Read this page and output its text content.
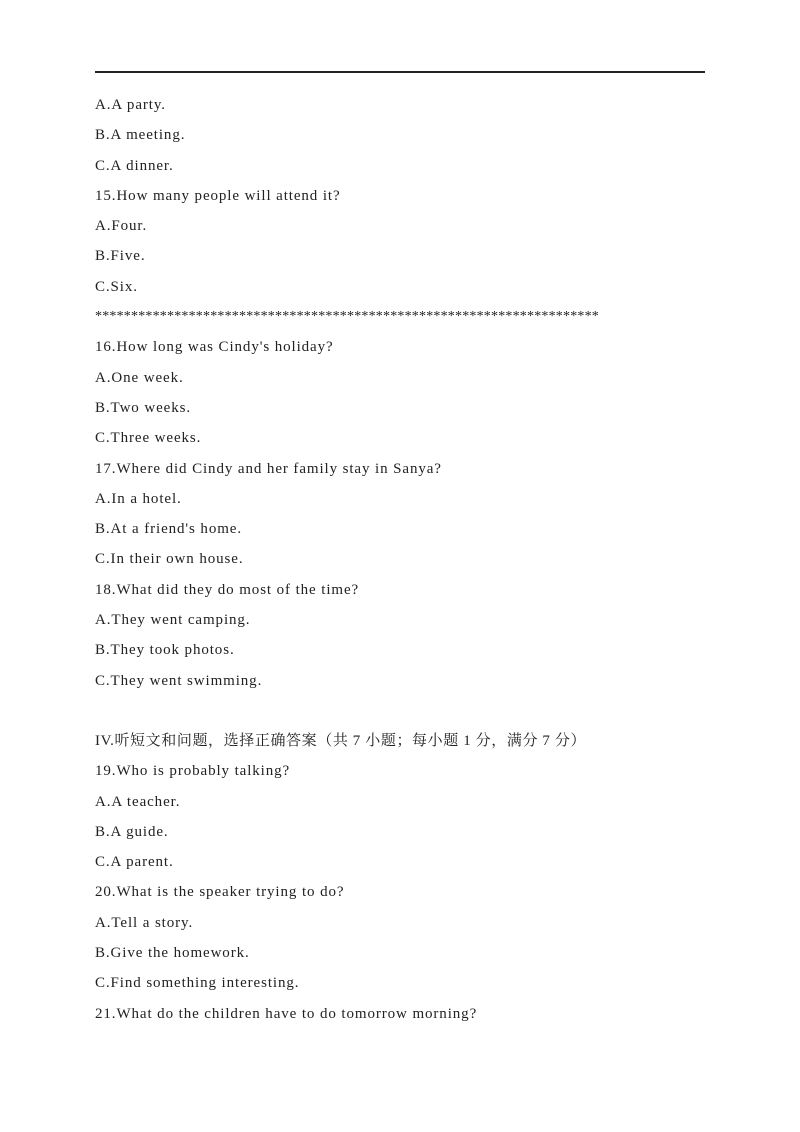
A.A party.
B.A meeting.
C.A dinner.
15.How many people will attend it?
A.Four.
B.Five.
C.Six.
**********************************************************************
16.How long was Cindy's holiday?
A.One week.
B.Two weeks.
C.Three weeks.
17.Where did Cindy and her family stay in Sanya?
A.In a hotel.
B.At a friend's home.
C.In their own house.
18.What did they do most of the time?
A.They went camping.
B.They took photos.
C.They went swimming.
IV.听短文和问题，选择正确答案（共 7 小题；每小题 1 分，满分 7 分）
19.Who is probably talking?
A.A teacher.
B.A guide.
C.A parent.
20.What is the speaker trying to do?
A.Tell a story.
B.Give the homework.
C.Find something interesting.
21.What do the children have to do tomorrow morning?
